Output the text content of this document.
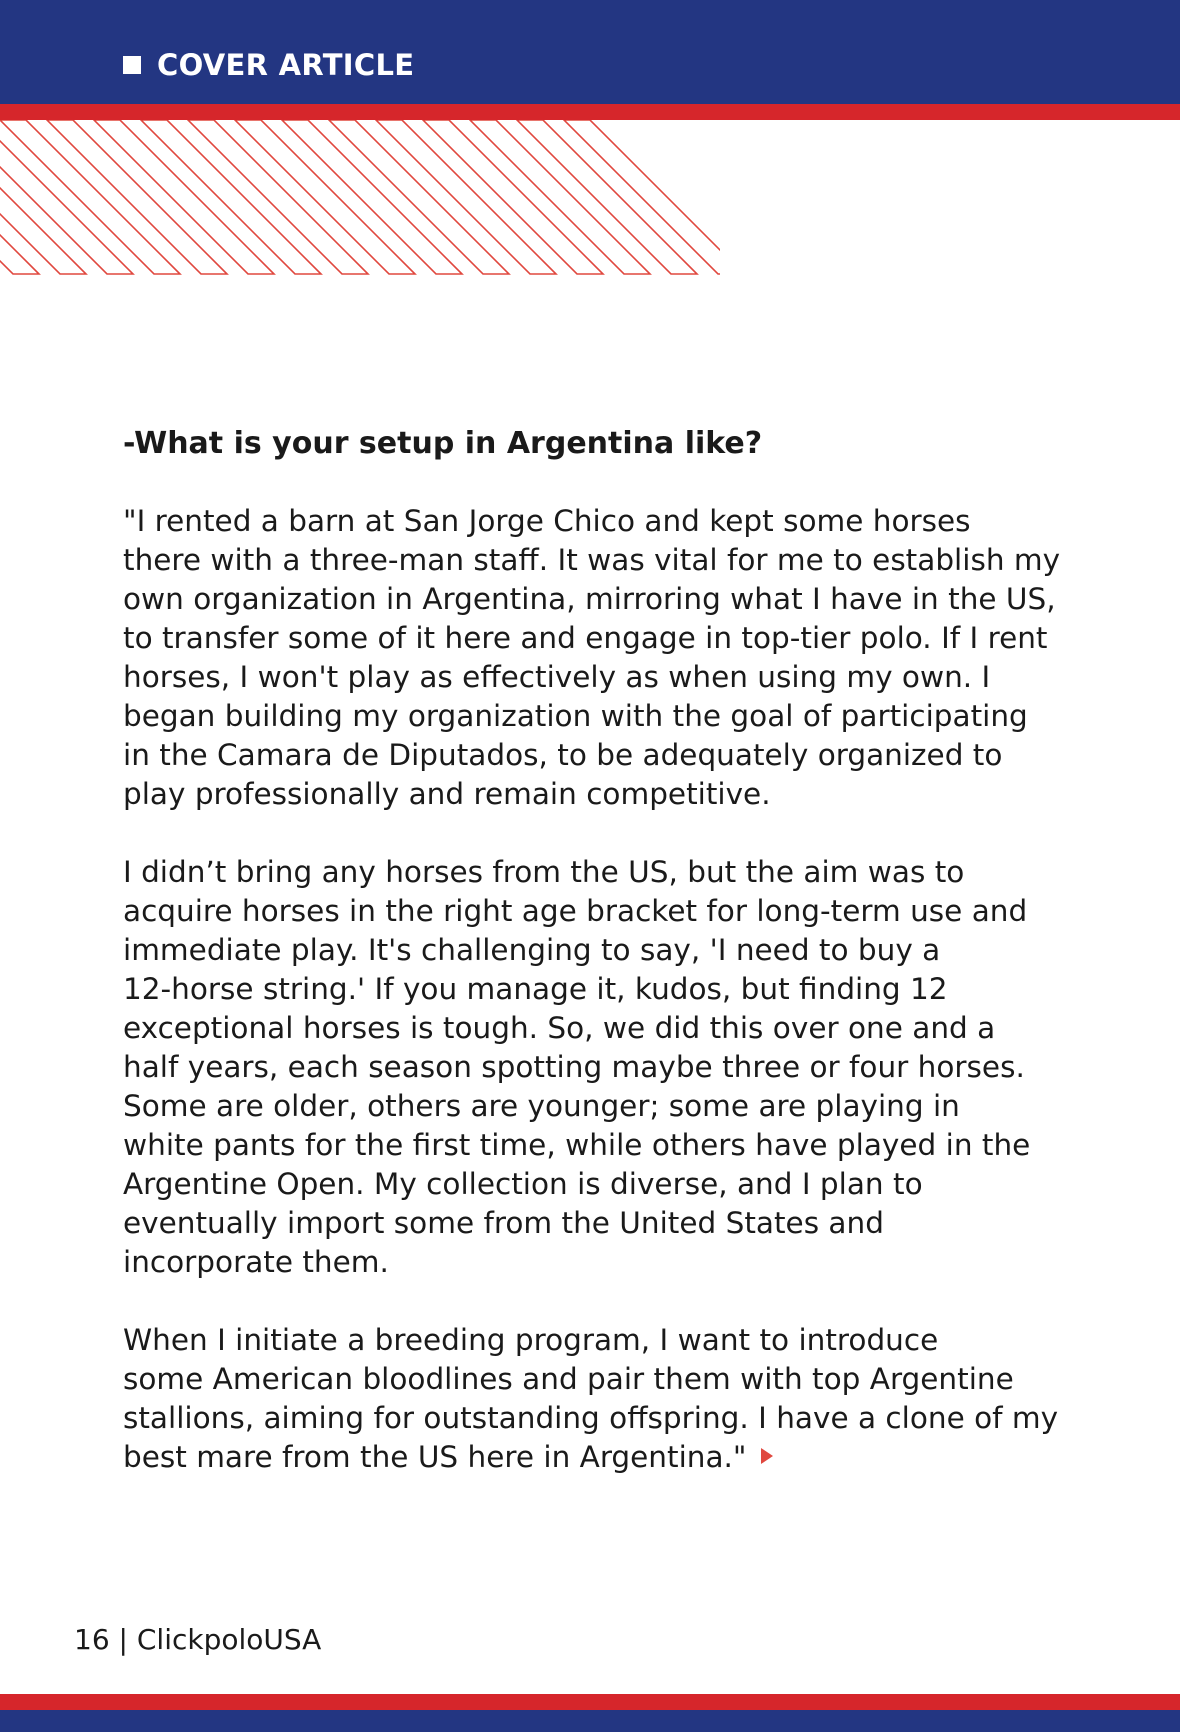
COVER ARTICLE

-What is your setup in Argentina like?

"I rented a barn at San Jorge Chico and kept some horses
there with a three-man staff. It was vital for me to establish my
own organization in Argentina, mirroring what I have in the US,
to transfer some of it here and engage in top-tier polo. If I rent
horses, I won't play as effectively as when using my own. I
began building my organization with the goal of participating
in the Camara de Diputados, to be adequately organized to
play professionally and remain competitive.

I didn’t bring any horses from the US, but the aim was to
acquire horses in the right age bracket for long-term use and
immediate play. It's challenging to say, 'I need to buy a
12-horse string.' If you manage it, kudos, but finding 12
exceptional horses is tough. So, we did this over one and a
half years, each season spotting maybe three or four horses.
Some are older, others are younger; some are playing in
white pants for the first time, while others have played in the
Argentine Open. My collection is diverse, and I plan to
eventually import some from the United States and
incorporate them.

When I initiate a breeding program, I want to introduce
some American bloodlines and pair them with top Argentine
stallions, aiming for outstanding offspring. I have a clone of my
best mare from the US here in Argentina."

16 | ClickpoloUSA
